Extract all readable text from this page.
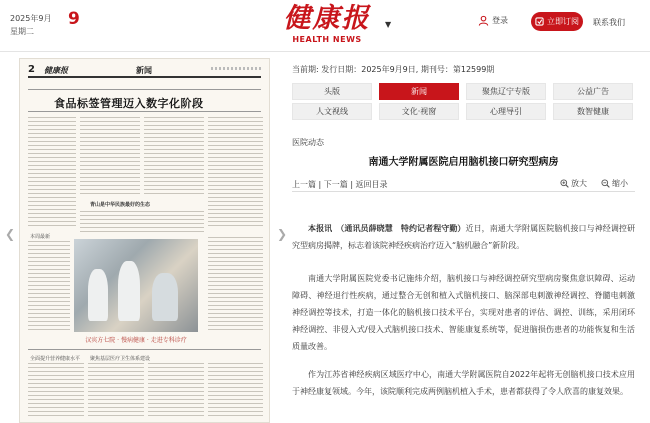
2025年9月
星期二
9	健康报
HEALTH NEWS
▼	登录	立即订阅 联系我们
❮	❯
2 健康报	新闻
食品标签管理迈入数字化阶段
青山是中华民族最好的生态
本周最新
汉宾方七院 · 慢病健康 · 走进专科诊疗
全面提升营养健康水平 聚焦基层医疗卫生体系建设
当前期: 发行日期：2025年9月9日, 期刊号：第12599期
头版	新闻	聚焦辽宁专版	公益广告
人文视线	文化·视窗	心理导引	数智健康
医院动态
南通大学附属医院启用脑机接口研究型病房
上一篇 | 下一篇 | 返回目录	放大	缩小
本报讯　（通讯员薛晓慧　特约记者程守勤）近日，南通大学附属医院脑机接口与神经调控研究型病房揭牌，标志着该院神经疾病治疗迈入“脑机融合”新阶段。
南通大学附属医院党委书记施炜介绍，脑机接口与神经调控研究型病房聚焦意识障碍、运动障碍、神经退行性疾病，通过整合无创和植入式脑机接口、脑深部电刺激神经调控、脊髓电刺激神经调控等技术，打造一体化的脑机接口技术平台，实现对患者的评估、调控、训练，采用闭环神经调控、非侵入式/侵入式脑机接口技术、智能康复系统等，促进脑损伤患者的功能恢复和生活质量改善。
作为江苏省神经疾病区域医疗中心，南通大学附属医院自2022年起将无创脑机接口技术应用于神经康复领域。今年，该院顺利完成两例脑机植入手术，患者都获得了令人欣喜的康复效果。
